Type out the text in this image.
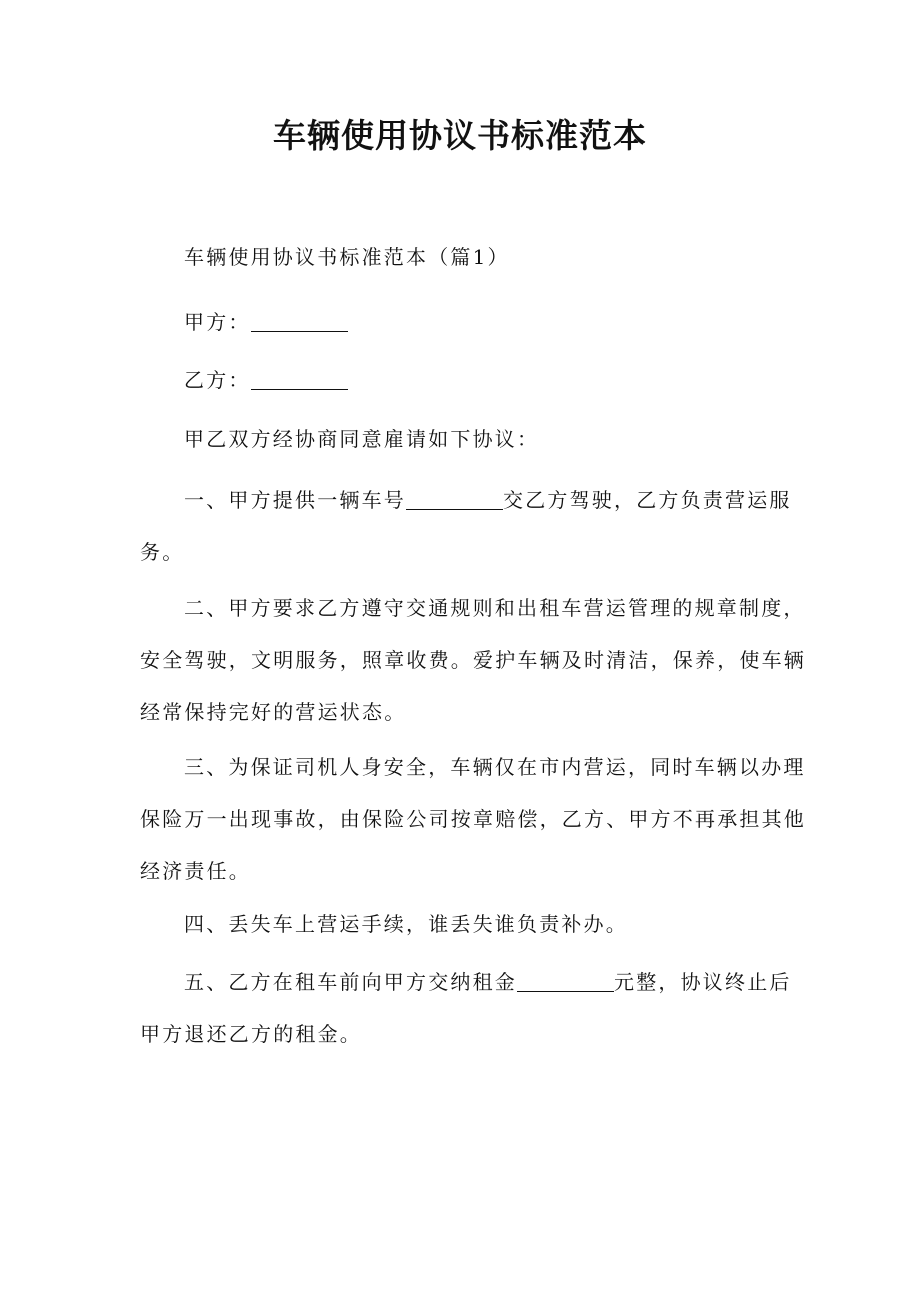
车辆使用协议书标准范本
车辆使用协议书标准范本（篇1）
甲方：
乙方：
甲乙双方经协商同意雇请如下协议：
一、甲方提供一辆车号	交乙方驾驶，乙方负责营运服
务。
二、甲方要求乙方遵守交通规则和出租车营运管理的规章制度，
安全驾驶，文明服务，照章收费。爱护车辆及时清洁，保养，使车辆
经常保持完好的营运状态。
三、为保证司机人身安全，车辆仅在市内营运，同时车辆以办理
保险万一出现事故，由保险公司按章赔偿，乙方、甲方不再承担其他
经济责任。
四、丢失车上营运手续，谁丢失谁负责补办。
五、乙方在租车前向甲方交纳租金	元整，协议终止后
甲方退还乙方的租金。
